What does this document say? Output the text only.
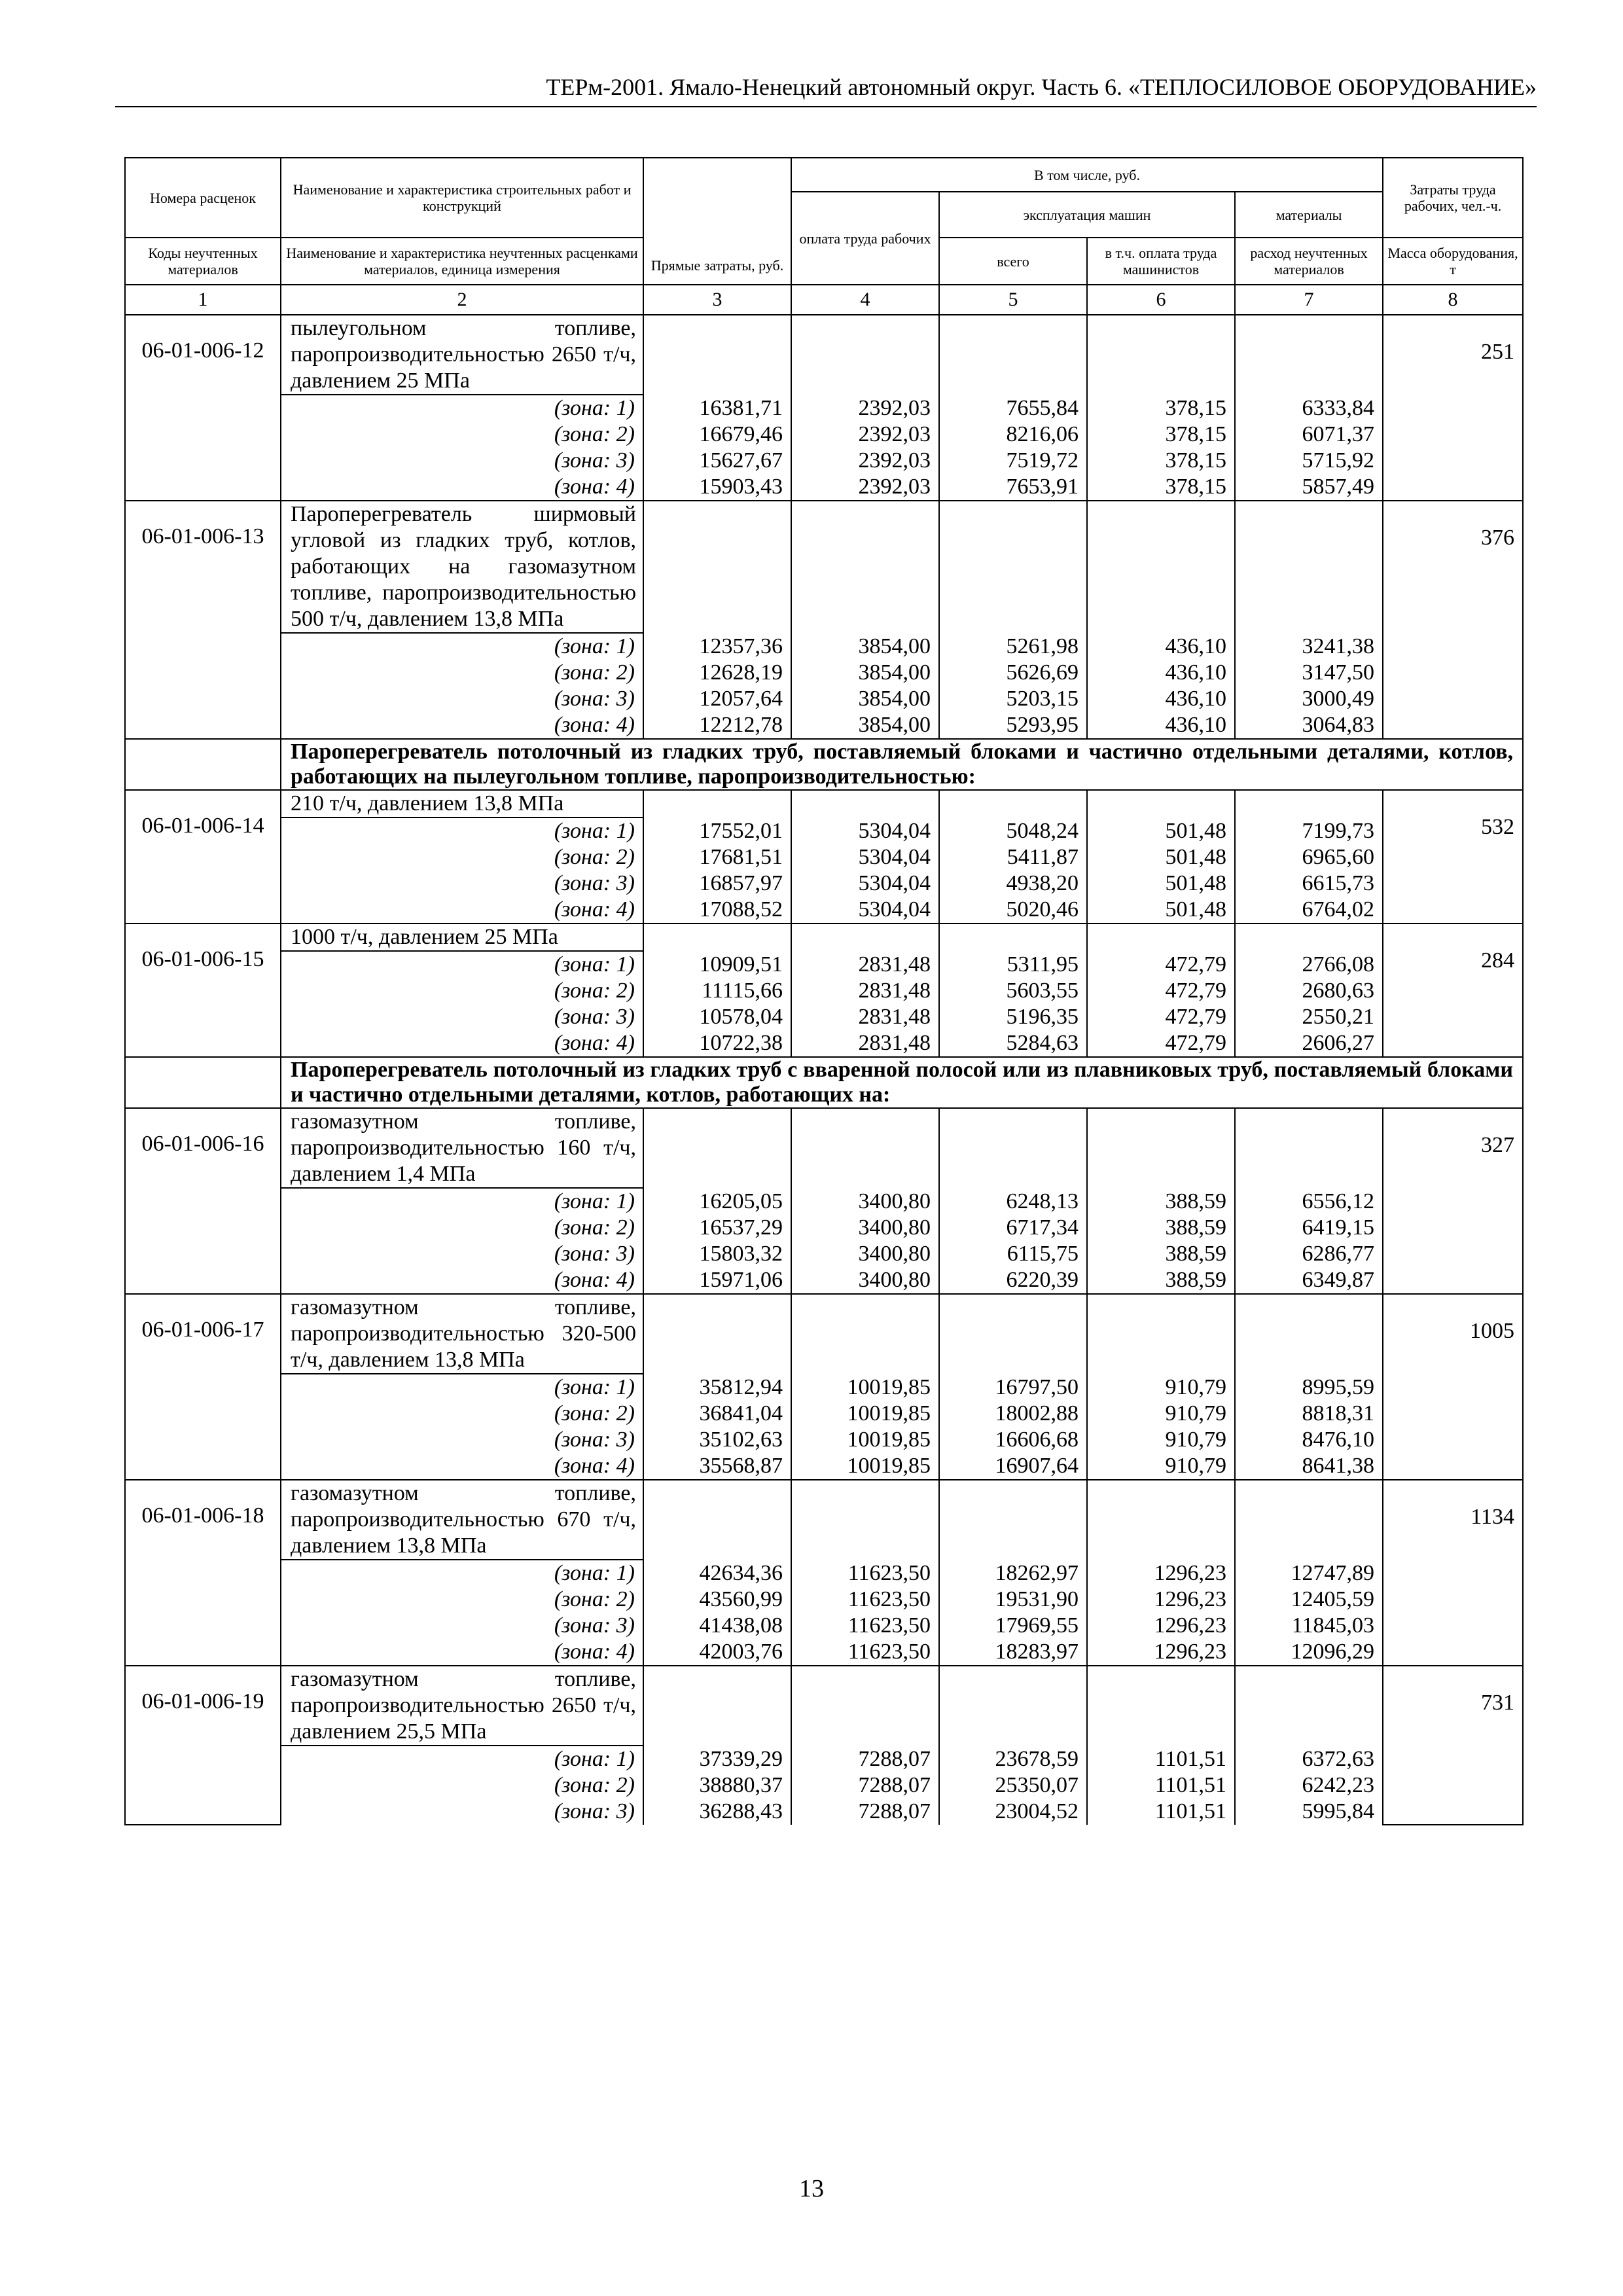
ТЕРм-2001. Ямало-Ненецкий автономный округ. Часть 6. «ТЕПЛОСИЛОВОЕ ОБОРУДОВАНИЕ»
Номера расценок	Наименование и характеристика строительных работ и конструкций	Прямые затраты, руб.	В том числе, руб.				Затраты труда рабочих, чел.-ч.
			оплата труда рабочих	эксплуатация машин		материалы	
Коды неучтенных материалов	Наименование и характеристика неучтенных расценками материалов, единица измерения			всего	в т.ч. оплата труда машинистов	расход неучтенных материалов	Масса оборудования, т
1	2	3	4	5	6	7	8
06-01-006-12	пылеугольном топливе, паропроизводительностью 2650 т/ч, давлением 25 МПа						251
	(зона: 1)	16381,71	2392,03	7655,84	378,15	6333,84	
	(зона: 2)	16679,46	2392,03	8216,06	378,15	6071,37	
	(зона: 3)	15627,67	2392,03	7519,72	378,15	5715,92	
	(зона: 4)	15903,43	2392,03	7653,91	378,15	5857,49	
06-01-006-13	Пароперегреватель ширмовый угловой из гладких труб, котлов, работающих на газомазутном топливе, паропроизводительностью 500 т/ч, давлением 13,8 МПа						376
	(зона: 1)	12357,36	3854,00	5261,98	436,10	3241,38	
	(зона: 2)	12628,19	3854,00	5626,69	436,10	3147,50	
	(зона: 3)	12057,64	3854,00	5203,15	436,10	3000,49	
	(зона: 4)	12212,78	3854,00	5293,95	436,10	3064,83	
	Пароперегреватель потолочный из гладких труб, поставляемый блоками и частично отдельными деталями, котлов, работающих на пылеугольном топливе, паропроизводительностью:						
06-01-006-14	210 т/ч, давлением 13,8 МПа						532
	(зона: 1)	17552,01	5304,04	5048,24	501,48	7199,73	
	(зона: 2)	17681,51	5304,04	5411,87	501,48	6965,60	
	(зона: 3)	16857,97	5304,04	4938,20	501,48	6615,73	
	(зона: 4)	17088,52	5304,04	5020,46	501,48	6764,02	
06-01-006-15	1000 т/ч, давлением 25 МПа						284
	(зона: 1)	10909,51	2831,48	5311,95	472,79	2766,08	
	(зона: 2)	11115,66	2831,48	5603,55	472,79	2680,63	
	(зона: 3)	10578,04	2831,48	5196,35	472,79	2550,21	
	(зона: 4)	10722,38	2831,48	5284,63	472,79	2606,27	
	Пароперегреватель потолочный из гладких труб с вваренной полосой или из плавниковых труб, поставляемый блоками и частично отдельными деталями, котлов, работающих на:						
06-01-006-16	газомазутном топливе, паропроизводительностью 160 т/ч, давлением 1,4 МПа						327
	(зона: 1)	16205,05	3400,80	6248,13	388,59	6556,12	
	(зона: 2)	16537,29	3400,80	6717,34	388,59	6419,15	
	(зона: 3)	15803,32	3400,80	6115,75	388,59	6286,77	
	(зона: 4)	15971,06	3400,80	6220,39	388,59	6349,87	
06-01-006-17	газомазутном топливе, паропроизводительностью 320-500 т/ч, давлением 13,8 МПа						1005
	(зона: 1)	35812,94	10019,85	16797,50	910,79	8995,59	
	(зона: 2)	36841,04	10019,85	18002,88	910,79	8818,31	
	(зона: 3)	35102,63	10019,85	16606,68	910,79	8476,10	
	(зона: 4)	35568,87	10019,85	16907,64	910,79	8641,38	
06-01-006-18	газомазутном топливе, паропроизводительностью 670 т/ч, давлением 13,8 МПа						1134
	(зона: 1)	42634,36	11623,50	18262,97	1296,23	12747,89	
	(зона: 2)	43560,99	11623,50	19531,90	1296,23	12405,59	
	(зона: 3)	41438,08	11623,50	17969,55	1296,23	11845,03	
	(зона: 4)	42003,76	11623,50	18283,97	1296,23	12096,29	
06-01-006-19	газомазутном топливе, паропроизводительностью 2650 т/ч, давлением 25,5 МПа						731
	(зона: 1)	37339,29	7288,07	23678,59	1101,51	6372,63	
	(зона: 2)	38880,37	7288,07	25350,07	1101,51	6242,23	
	(зона: 3)	36288,43	7288,07	23004,52	1101,51	5995,84	
13
